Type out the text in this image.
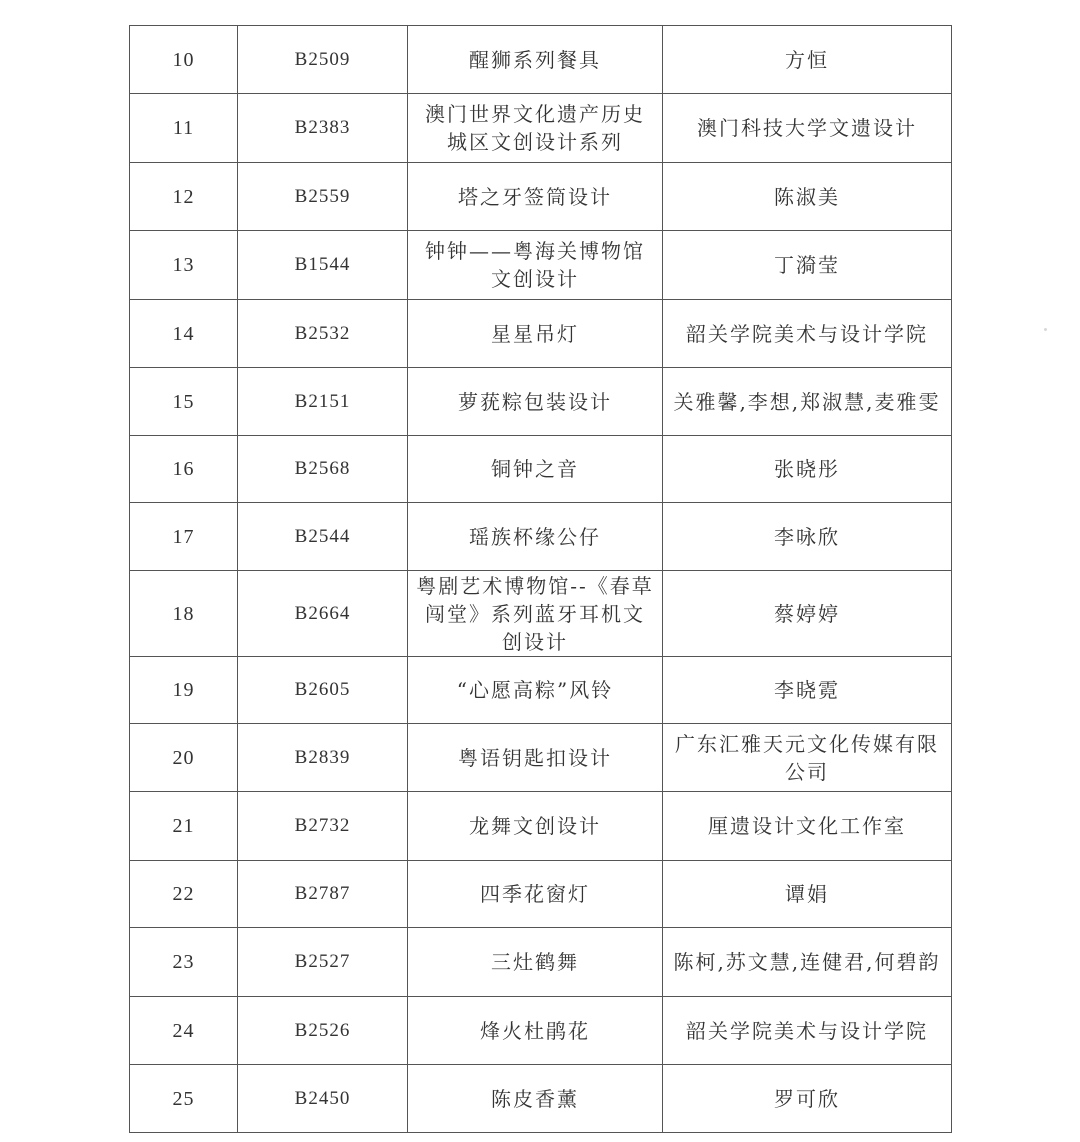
10	B2509	醒狮系列餐具	方恒
11	B2383	澳门世界文化遗产历史城区文创设计系列	澳门科技大学文遗设计
12	B2559	塔之牙签筒设计	陈淑美
13	B1544	钟钟——粤海关博物馆文创设计	丁漪莹
14	B2532	星星吊灯	韶关学院美术与设计学院
15	B2151	萝莸粽包装设计	关雅馨,李想,郑淑慧,麦雅雯
16	B2568	铜钟之音	张晓彤
17	B2544	瑶族杯缘公仔	李咏欣
18	B2664	粤剧艺术博物馆--《春草闯堂》系列蓝牙耳机文创设计	蔡婷婷
19	B2605	“心愿高粽”风铃	李晓霓
20	B2839	粤语钥匙扣设计	广东汇雅天元文化传媒有限公司
21	B2732	龙舞文创设计	厘遗设计文化工作室
22	B2787	四季花窗灯	谭娟
23	B2527	三灶鹤舞	陈柯,苏文慧,连健君,何碧韵
24	B2526	烽火杜鹃花	韶关学院美术与设计学院
25	B2450	陈皮香薰	罗可欣
